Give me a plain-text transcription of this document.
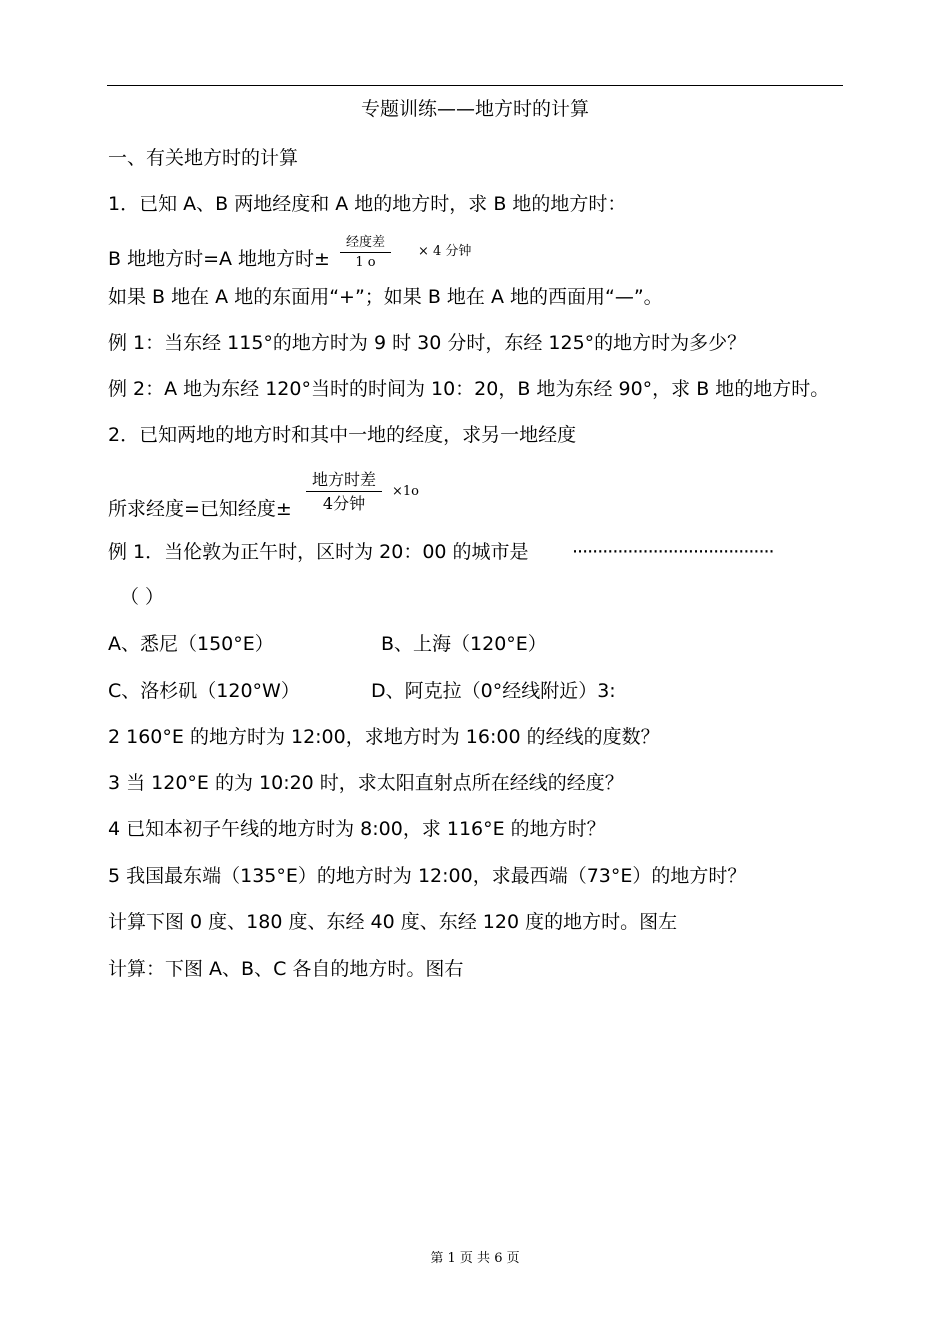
专题训练——地方时的计算
一、有关地方时的计算
1．已知 A、B 两地经度和 A 地的地方时，求 B 地的地方时：
B 地地方时=A 地地方时±
经度差
1 o
× 4 分钟
如果 B 地在 A 地的东面用“+”；如果 B 地在 A 地的西面用“—”。
例 1：当东经 115°的地方时为 9 时 30 分时，东经 125°的地方时为多少？
例 2：A 地为东经 120°当时的时间为 10：20，B 地为东经 90°，求 B 地的地方时。
2．已知两地的地方时和其中一地的经度，求另一地经度
所求经度=已知经度±
地方时差
4分钟
×1o
例 1．当伦敦为正午时，区时为 20：00 的城市是 ········································
（ ）
A、悉尼（150°E）	B、上海（120°E）
C、洛杉矶（120°W）	D、阿克拉（0°经线附近）3:
2 160°E 的地方时为 12:00，求地方时为 16:00 的经线的度数？
3 当 120°E 的为 10:20 时，求太阳直射点所在经线的经度？
4 已知本初子午线的地方时为 8:00，求 116°E 的地方时？
5 我国最东端（135°E）的地方时为 12:00，求最西端（73°E）的地方时？
计算下图 0 度、180 度、东经 40 度、东经 120 度的地方时。图左
计算：下图 A、B、C 各自的地方时。图右
第 1 页 共 6 页
